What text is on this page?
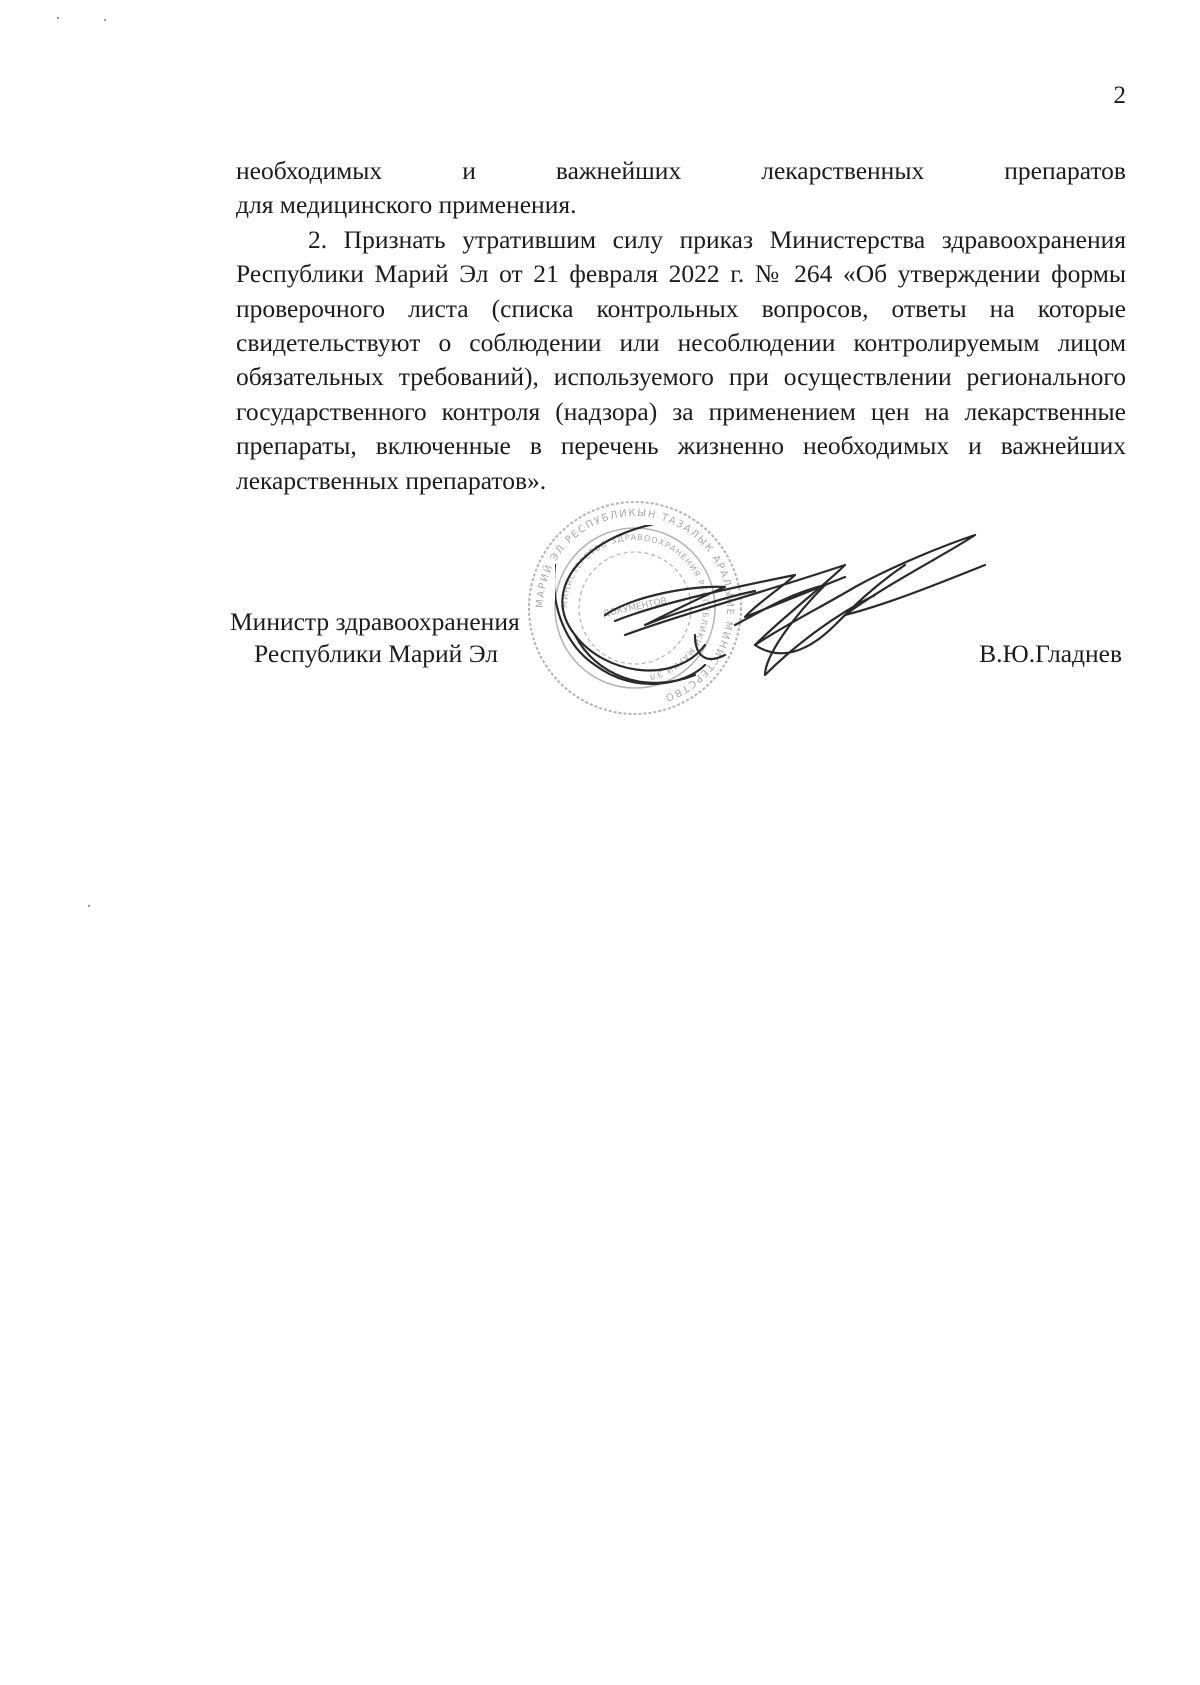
2
необходимых	и	важнейших	лекарственных	препаратов

для медицинского применения.

2. Признать утратившим силу приказ Министерства здравоохранения Республики Марий Эл от 21 февраля 2022 г. № 264 «Об утверждении формы проверочного листа (списка контрольных вопросов, ответы на которые свидетельствуют о соблюдении или несоблюдении контролируемым лицом обязательных требований), используемого при осуществлении регионального государственного контроля (надзора) за применением цен на лекарственные препараты, включенные в перечень жизненно необходимых и важнейших лекарственных препаратов».

МАРИЙ ЭЛ РЕСПУБЛИКЫН ТАЗАЛЫК АРАЛЫМЕ МИНИСТЕРСТВО
МИНИСТЕРСТВО ЗДРАВООХРАНЕНИЯ РЕСПУБЛИКИ МАРИЙ ЭЛ
ДОКУМЕНТОВ
Министр здравоохранения
Республики Марий Эл	В.Ю.Гладнев
